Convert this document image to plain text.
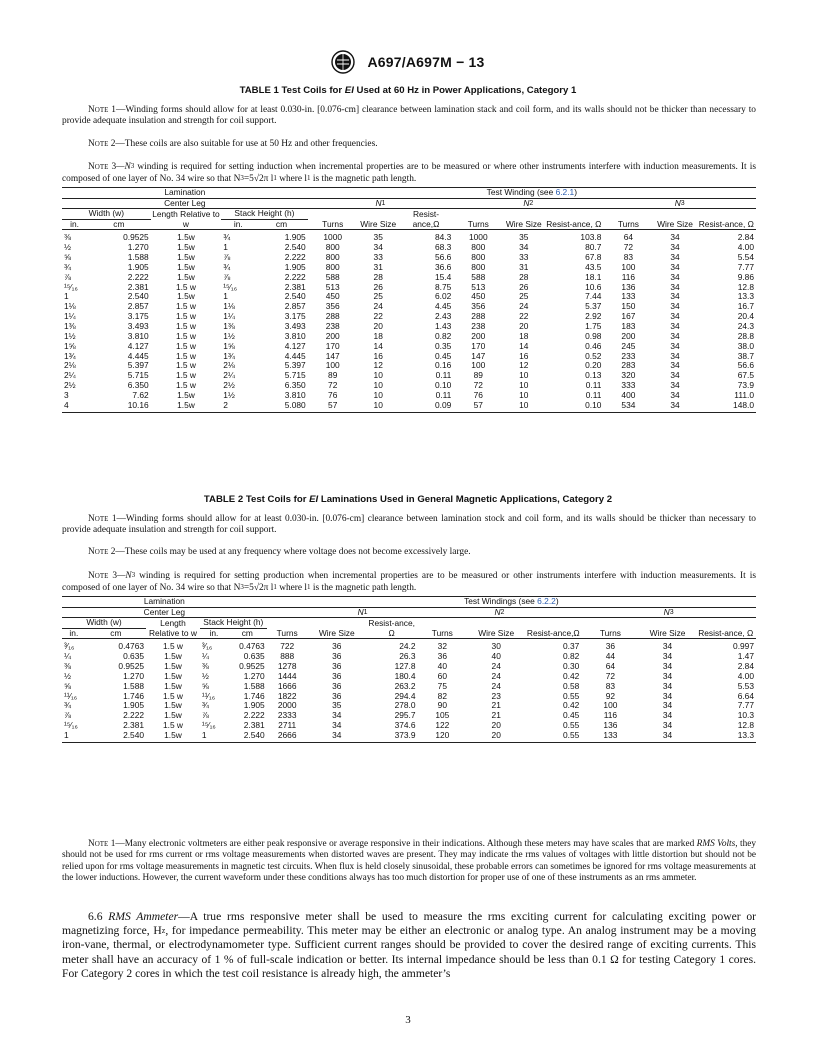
A697/A697M − 13
TABLE 1 Test Coils for EI Used at 60 Hz in Power Applications, Category 1
Note 1—Winding forms should allow for at least 0.030-in. [0.076-cm] clearance between lamination stack and coil form, and its walls should not be thicker than necessary to provide adequate insulation and strength for coil support.
Note 2—These coils are also suitable for use at 50 Hz and other frequencies.
Note $3—N_3$ winding is required for setting induction when incremental properties are to be measured or where other instruments interfere with induction measurements. It is composed of one layer of No. 34 wire so that $N_3=5√2\pi$ $l_1$ where $l_1$ is the magnetic path length.
Lamination					Test Winding (see 6.2.1)								
Center Leg					$N_1$			$N_2$			$N_3$
Width (w)		Length Relative to w	Stack Height (h)		Turns	Wire Size	Resist-ance,Ω	Turns	Wire Size	Resist-ance, Ω	Turns	Wire Size	Resist-ance, Ω
in.	cm		in.	cm									
⅜	0.9525	1.5w	¾	1.905	1000	35	84.3	1000	35	103.8	64	34	2.84
½	1.270	1.5w	1	2.540	800	34	68.3	800	34	80.7	72	34	4.00
⅝	1.588	1.5w	⅞	2.222	800	33	56.6	800	33	67.8	83	34	5.54
¾	1.905	1.5w	¾	1.905	800	31	36.6	800	31	43.5	100	34	7.77
⅞	2.222	1.5w	⅞	2.222	588	28	15.4	588	28	18.1	116	34	9.86
¹⁵⁄₁₆	2.381	1.5 w	¹⁵⁄₁₆	2.381	513	26	8.75	513	26	10.6	136	34	12.8
1	2.540	1.5w	1	2.540	450	25	6.02	450	25	7.44	133	34	13.3
1⅛	2.857	1.5 w	1⅛	2.857	356	24	4.45	356	24	5.37	150	34	16.7
1¼	3.175	1.5 w	1¼	3.175	288	22	2.43	288	22	2.92	167	34	20.4
1⅜	3.493	1.5 w	1⅜	3.493	238	20	1.43	238	20	1.75	183	34	24.3
1½	3.810	1.5 w	1½	3.810	200	18	0.82	200	18	0.98	200	34	28.8
1⅝	4.127	1.5 w	1⅝	4.127	170	14	0.35	170	14	0.46	245	34	38.0
1¾	4.445	1.5 w	1¾	4.445	147	16	0.45	147	16	0.52	233	34	38.7
2⅛	5.397	1.5 w	2⅛	5.397	100	12	0.16	100	12	0.20	283	34	56.6
2¼	5.715	1.5 w	2¼	5.715	89	10	0.11	89	10	0.13	320	34	67.5
2½	6.350	1.5 w	2½	6.350	72	10	0.10	72	10	0.11	333	34	73.9
3	7.62	1.5w	1½	3.810	76	10	0.11	76	10	0.11	400	34	111.0
4	10.16	1.5w	2	5.080	57	10	0.09	57	10	0.10	534	34	148.0
TABLE 2 Test Coils for EI Laminations Used in General Magnetic Applications, Category 2
Note 1—Winding forms should allow for at least 0.030-in. [0.076-cm] clearance between lamination stock and coil form, and its walls should be thicker than necessary to provide adequate insulation and strength for coil support.
Note 2—These coils may be used at any frequency where voltage does not become excessively large.
Note $3—N_3$ winding is required for setting production when incremental properties are to be measured or other instruments interfere with induction measurements. It is composed of one layer of No. 34 wire so that $N_3=5√2\pi$ $l_1$ where $l_1$ is the magnetic path length.
Lamination					Test Windings (see 6.2.2)								
Center Leg						$N_1$		$N_2$			$N_3$
Width (w)		Length Relative to w	Stack Height (h)		Turns	Wire Size	Resist-ance, Ω	Turns	Wire Size	Resist-ance,Ω	Turns	Wire Size	Resist-ance, Ω
in.	cm		in.	cm									
³⁄₁₆	0.4763	1.5 w	³⁄₁₆	0.4763	722	36	24.2	32	30	0.37	36	34	0.997
¼	0.635	1.5w	¼	0.635	888	36	26.3	36	40	0.82	44	34	1.47
⅜	0.9525	1.5w	⅜	0.9525	1278	36	127.8	40	24	0.30	64	34	2.84
½	1.270	1.5w	½	1.270	1444	36	180.4	60	24	0.42	72	34	4.00
⅝	1.588	1.5w	⅝	1.588	1666	36	263.2	75	24	0.58	83	34	5.53
¹¹⁄₁₆	1.746	1.5 w	¹¹⁄₁₆	1.746	1822	36	294.4	82	23	0.55	92	34	6.64
¾	1.905	1.5w	¾	1.905	2000	35	278.0	90	21	0.42	100	34	7.77
⅞	2.222	1.5w	⅞	2.222	2333	34	295.7	105	21	0.45	116	34	10.3
¹⁵⁄₁₆	2.381	1.5 w	¹⁵⁄₁₆	2.381	2711	34	374.6	122	20	0.55	136	34	12.8
1	2.540	1.5w	1	2.540	2666	34	373.9	120	20	0.55	133	34	13.3
Note 1—Many electronic voltmeters are either peak responsive or average responsive in their indications. Although these meters may have scales that are marked RMS Volts, they should not be used for rms current or rms voltage measurements when distorted waves are present. They may indicate the rms values of voltages with little distortion but should not be relied upon for rms voltage measurements in magnetic test circuits. When flux is held closely sinusoidal, these probable errors can sometimes be ignored for rms voltage measurements at the lower inductions. However, the current waveform under these conditions always has too much distortion for proper use of one of these instruments as an rms ammeter.
6.6 RMS Ammeter—A true rms responsive meter shall be used to measure the rms exciting current for calculating exciting power or magnetizing force, $H_z$, for impedance permeability. This meter may be either an electronic or analog type. An analog instrument may be a moving iron-vane, thermal, or electrodynamometer type. Sufficient current ranges should be provided to cover the desired range of exciting currents. This meter shall have an accuracy of 1 % of full-scale indication or better. Its internal impedance should be less than 0.1 Ω for testing Category 1 cores. For Category 2 cores in which the test coil resistance is already high, the ammeter’s
3
